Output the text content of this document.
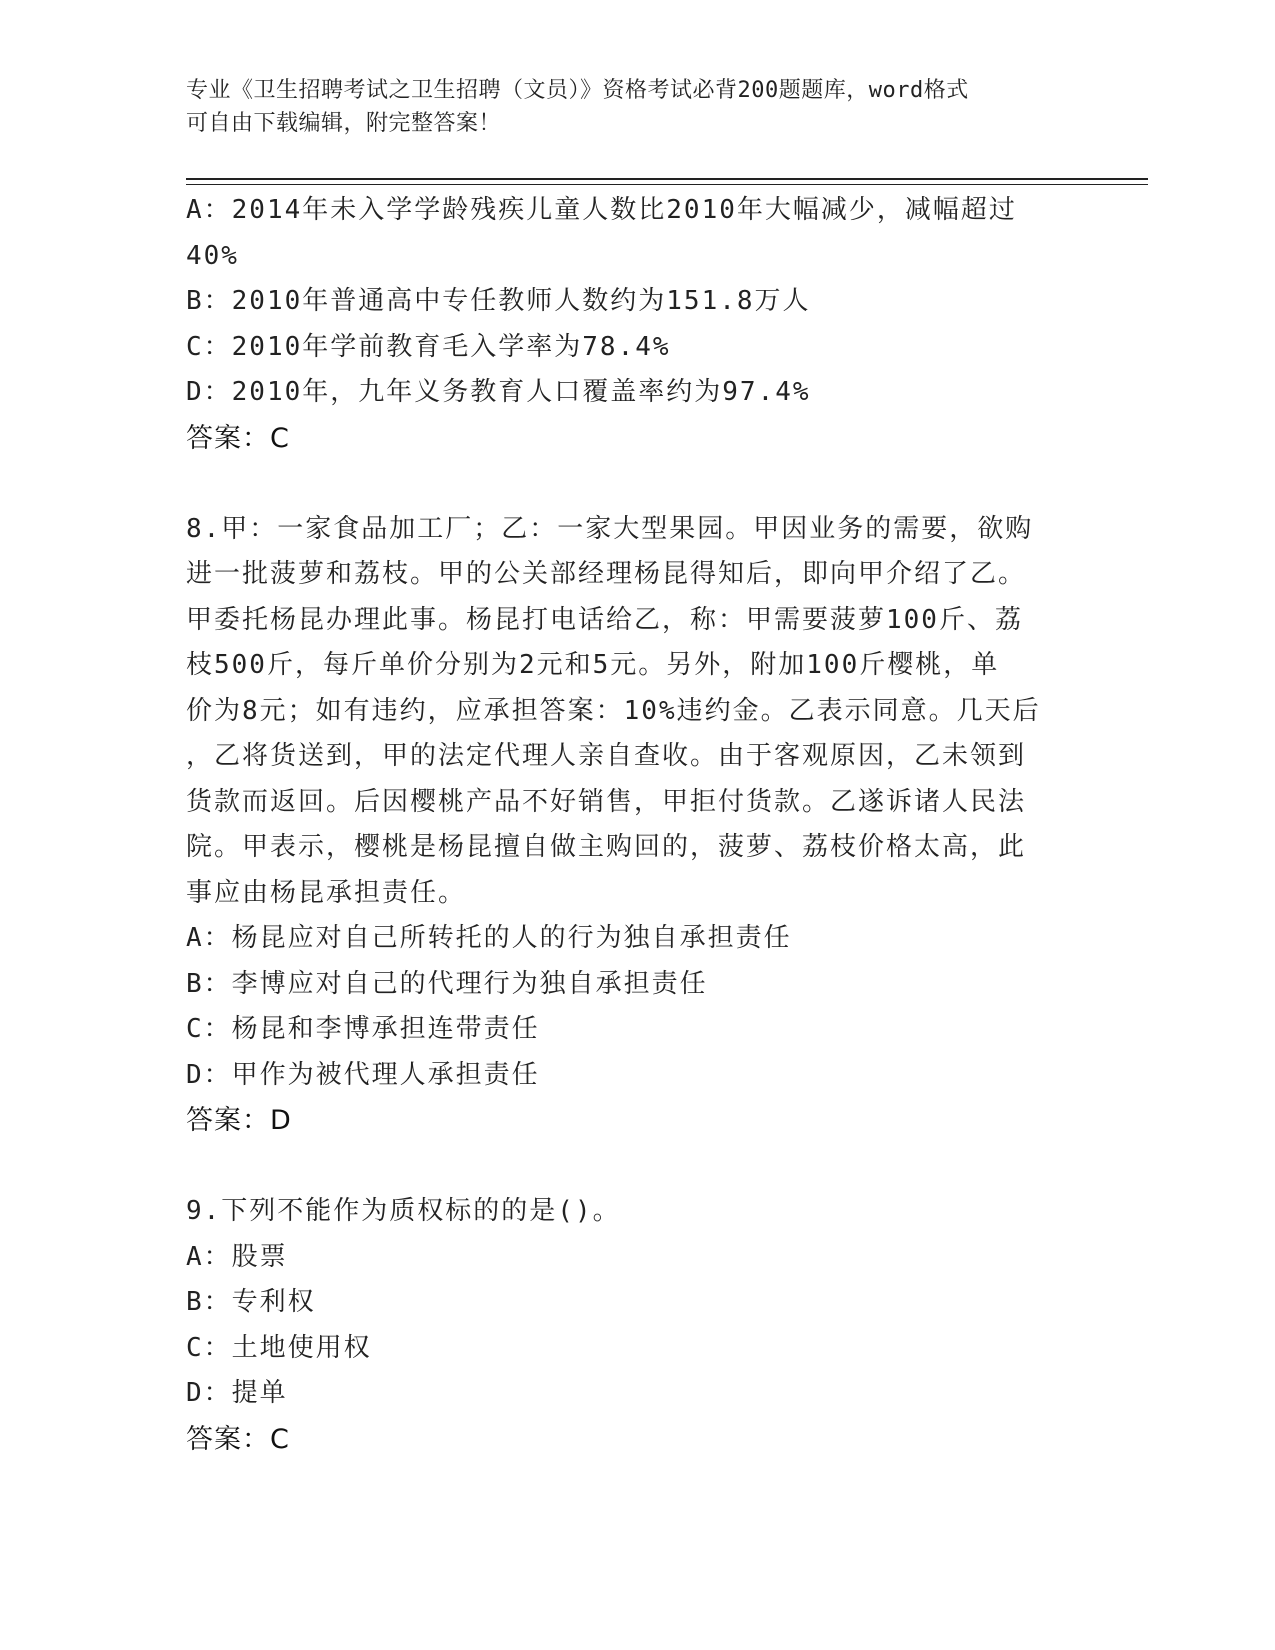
专业《卫生招聘考试之卫生招聘（文员）》资格考试必背200题题库，word格式
可自由下载编辑，附完整答案！
A：2014年未入学学龄残疾儿童人数比2010年大幅减少，减幅超过
40%
B：2010年普通高中专任教师人数约为151.8万人
C：2010年学前教育毛入学率为78.4%
D：2010年，九年义务教育人口覆盖率约为97.4%
答案：C
8.甲：一家食品加工厂；乙：一家大型果园。甲因业务的需要，欲购
进一批菠萝和荔枝。甲的公关部经理杨昆得知后，即向甲介绍了乙。
甲委托杨昆办理此事。杨昆打电话给乙，称：甲需要菠萝100斤、荔
枝500斤，每斤单价分别为2元和5元。另外，附加100斤樱桃，单
价为8元；如有违约，应承担答案：10%违约金。乙表示同意。几天后
，乙将货送到，甲的法定代理人亲自查收。由于客观原因，乙未领到
货款而返回。后因樱桃产品不好销售，甲拒付货款。乙遂诉诸人民法
院。甲表示，樱桃是杨昆擅自做主购回的，菠萝、荔枝价格太高，此
事应由杨昆承担责任。
A：杨昆应对自己所转托的人的行为独自承担责任
B：李博应对自己的代理行为独自承担责任
C：杨昆和李博承担连带责任
D：甲作为被代理人承担责任
答案：D
9.下列不能作为质权标的的是()。
A：股票
B：专利权
C：土地使用权
D：提单
答案：C
